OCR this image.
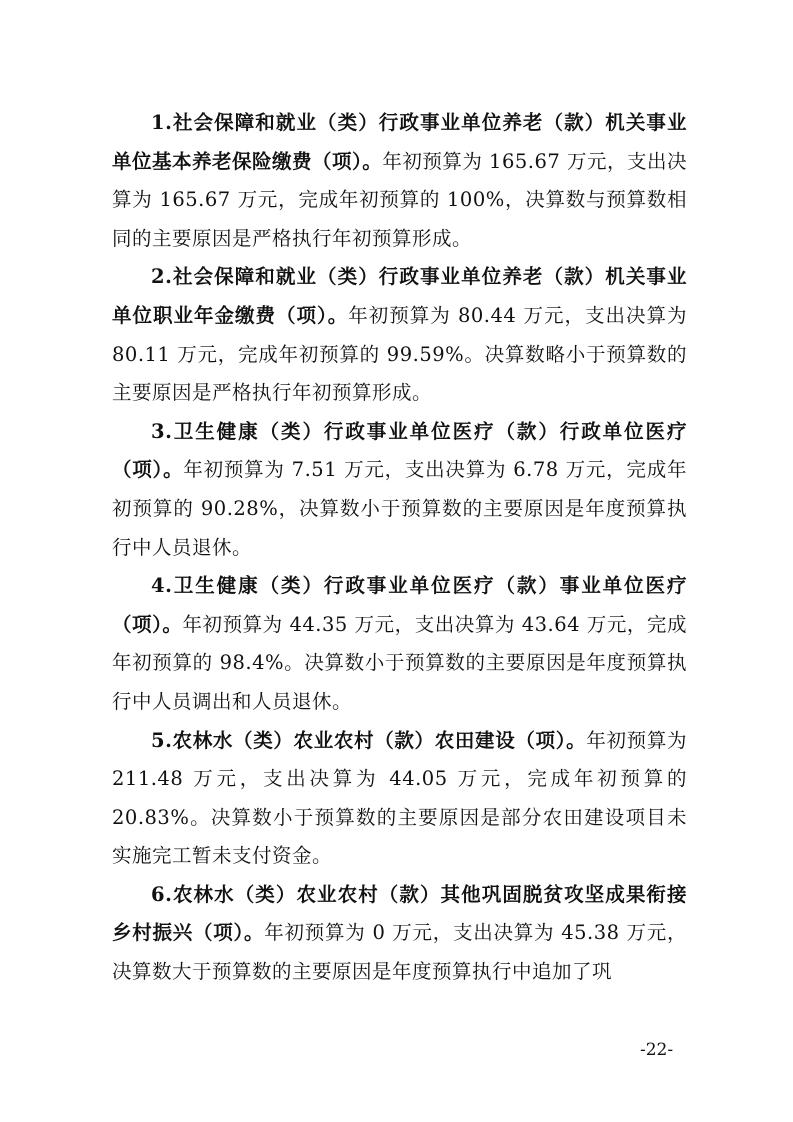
1.社会保障和就业（类）行政事业单位养老（款）机关事业单位基本养老保险缴费（项）。年初预算为 165.67 万元，支出决算为 165.67 万元，完成年初预算的 100%，决算数与预算数相同的主要原因是严格执行年初预算形成。

2.社会保障和就业（类）行政事业单位养老（款）机关事业单位职业年金缴费（项）。年初预算为 80.44 万元，支出决算为 80.11 万元，完成年初预算的 99.59%。决算数略小于预算数的主要原因是严格执行年初预算形成。

3.卫生健康（类）行政事业单位医疗（款）行政单位医疗（项）。年初预算为 7.51 万元，支出决算为 6.78 万元，完成年初预算的 90.28%，决算数小于预算数的主要原因是年度预算执行中人员退休。

4.卫生健康（类）行政事业单位医疗（款）事业单位医疗（项）。年初预算为 44.35 万元，支出决算为 43.64 万元，完成年初预算的 98.4%。决算数小于预算数的主要原因是年度预算执行中人员调出和人员退休。

5.农林水（类）农业农村（款）农田建设（项）。年初预算为 211.48 万元，支出决算为 44.05 万元，完成年初预算的 20.83%。决算数小于预算数的主要原因是部分农田建设项目未实施完工暂未支付资金。

6.农林水（类）农业农村（款）其他巩固脱贫攻坚成果衔接乡村振兴（项）。年初预算为 0 万元，支出决算为 45.38 万元，决算数大于预算数的主要原因是年度预算执行中追加了巩

-22-
